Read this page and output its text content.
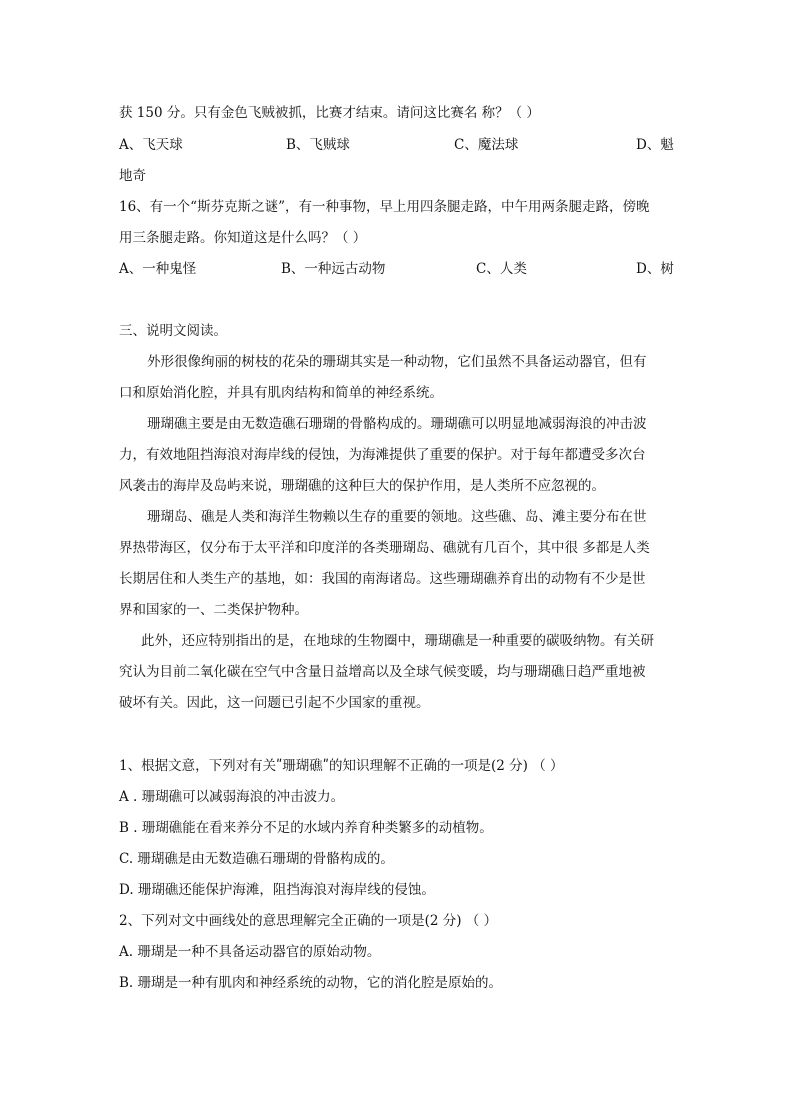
获 150 分。只有金色飞贼被抓，比赛才结束。请问这比赛名 称？（ ）
A、飞天球	B、飞贼球	C、魔法球	D、魁
地奇
16、有一个“斯芬克斯之谜”，有一种事物，早上用四条腿走路，中午用两条腿走路，傍晚
用三条腿走路。你知道这是什么吗？（ ）
A、一种鬼怪	B、一种远古动物	C、人类	D、树
三、说明文阅读。
外形很像绚丽的树枝的花朵的珊瑚其实是一种动物，它们虽然不具备运动器官，但有
口和原始消化腔，并具有肌肉结构和简单的神经系统。
珊瑚礁主要是由无数造礁石珊瑚的骨骼构成的。珊瑚礁可以明显地减弱海浪的冲击波
力，有效地阻挡海浪对海岸线的侵蚀，为海滩提供了重要的保护。对于每年都遭受多次台
风袭击的海岸及岛屿来说，珊瑚礁的这种巨大的保护作用，是人类所不应忽视的。
珊瑚岛、礁是人类和海洋生物赖以生存的重要的领地。这些礁、岛、滩主要分布在世
界热带海区，仅分布于太平洋和印度洋的各类珊瑚岛、礁就有几百个，其中很 多都是人类
长期居住和人类生产的基地，如：我国的南海诸岛。这些珊瑚礁养育出的动物有不少是世
界和国家的一、二类保护物种。
此外，还应特别指出的是，在地球的生物圈中，珊瑚礁是一种重要的碳吸纳物。有关研
究认为目前二氧化碳在空气中含量日益增高以及全球气候变暖，均与珊瑚礁日趋严重地被
破坏有关。因此，这一问题已引起不少国家的重视。
1、根据文意，下列对有关ʺ珊瑚礁ʺ的知识理解不正确的一项是(2 分) （ ）
A . 珊瑚礁可以减弱海浪的冲击波力。
B . 珊瑚礁能在看来养分不足的水域内养育种类繁多的动植物。
C. 珊瑚礁是由无数造礁石珊瑚的骨骼构成的。
D. 珊瑚礁还能保护海滩，阻挡海浪对海岸线的侵蚀。
2、下列对文中画线处的意思理解完全正确的一项是(2 分) （ ）
A. 珊瑚是一种不具备运动器官的原始动物。
B. 珊瑚是一种有肌肉和神经系统的动物，它的消化腔是原始的。
